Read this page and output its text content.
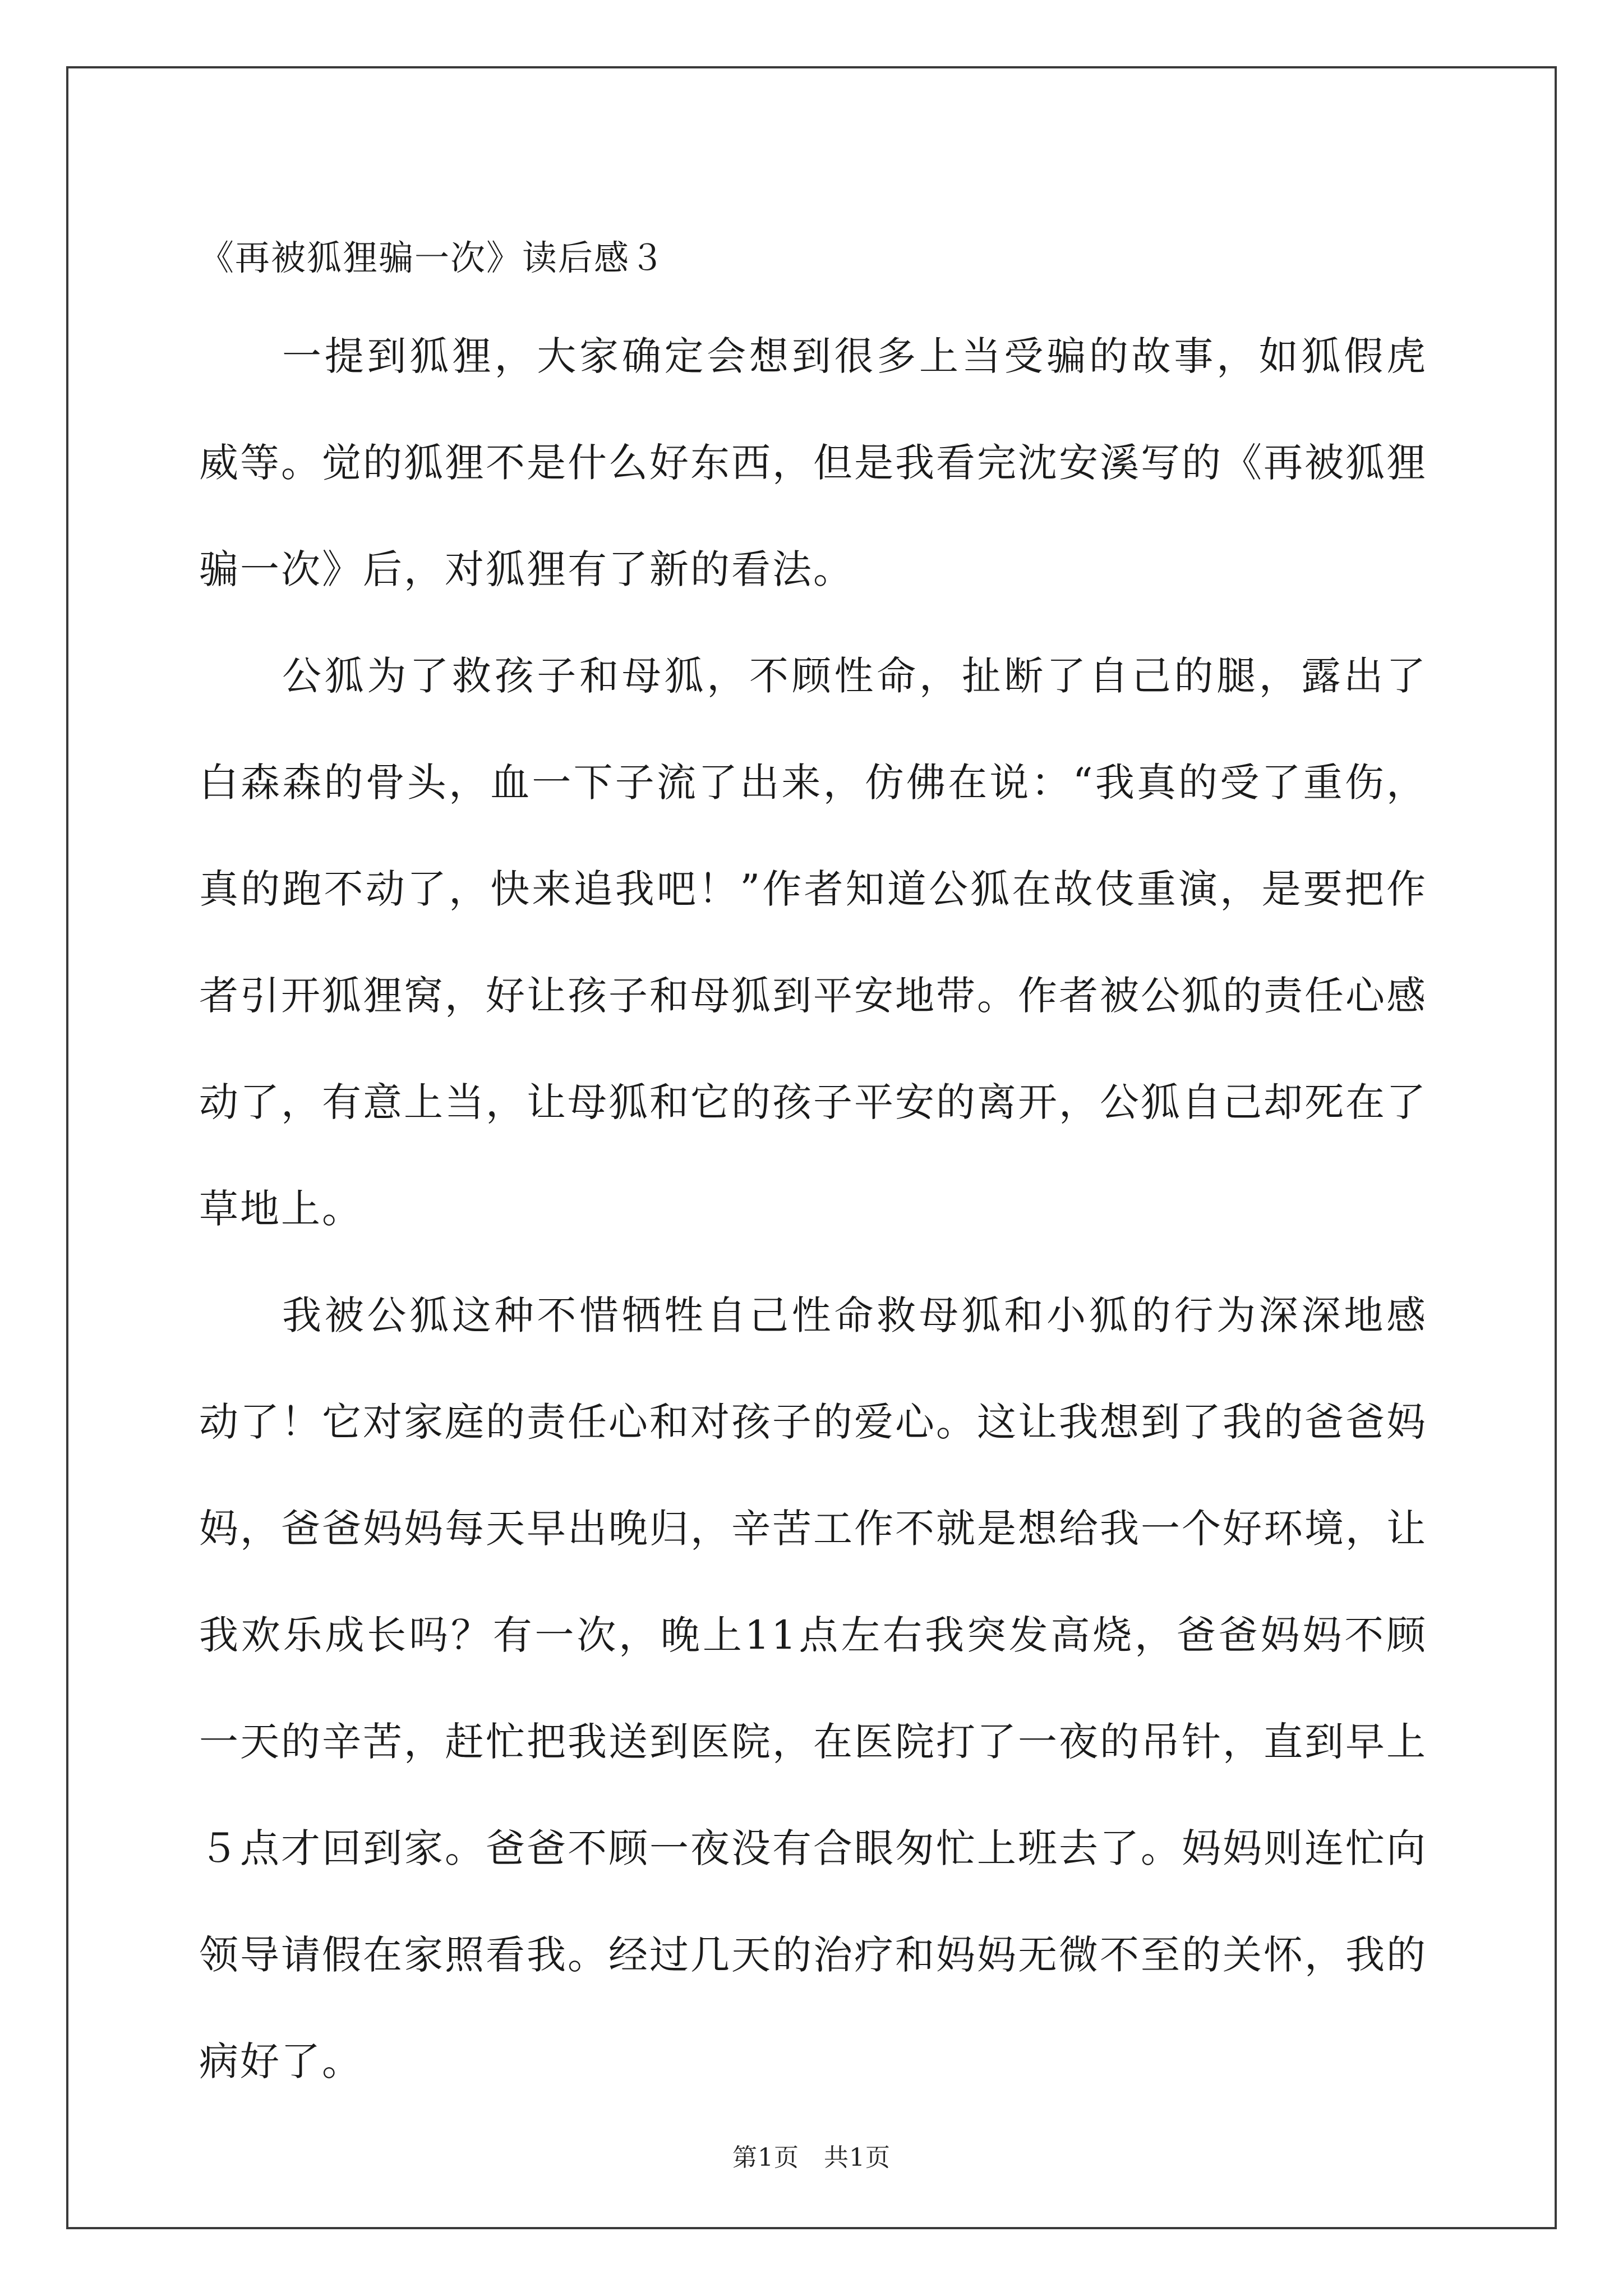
《再被狐狸骗一次》读后感３

一提到狐狸，大家确定会想到很多上当受骗的故事，如狐假虎威等。觉的狐狸不是什么好东西，但是我看完沈安溪写的《再被狐狸骗一次》后，对狐狸有了新的看法。

公狐为了救孩子和母狐，不顾性命，扯断了自己的腿，露出了白森森的骨头，血一下子流了出来，仿佛在说：“我真的受了重伤，真的跑不动了，快来追我吧！”作者知道公狐在故伎重演，是要把作者引开狐狸窝，好让孩子和母狐到平安地带。作者被公狐的责任心感动了，有意上当，让母狐和它的孩子平安的离开，公狐自己却死在了草地上。

我被公狐这种不惜牺牲自己性命救母狐和小狐的行为深深地感动了！它对家庭的责任心和对孩子的爱心。这让我想到了我的爸爸妈妈，爸爸妈妈每天早出晚归，辛苦工作不就是想给我一个好环境，让我欢乐成长吗？有一次，晚上11点左右我突发高烧，爸爸妈妈不顾一天的辛苦，赶忙把我送到医院，在医院打了一夜的吊针，直到早上５点才回到家。爸爸不顾一夜没有合眼匆忙上班去了。妈妈则连忙向领导请假在家照看我。经过几天的治疗和妈妈无微不至的关怀，我的病好了。

第1页 共1页
